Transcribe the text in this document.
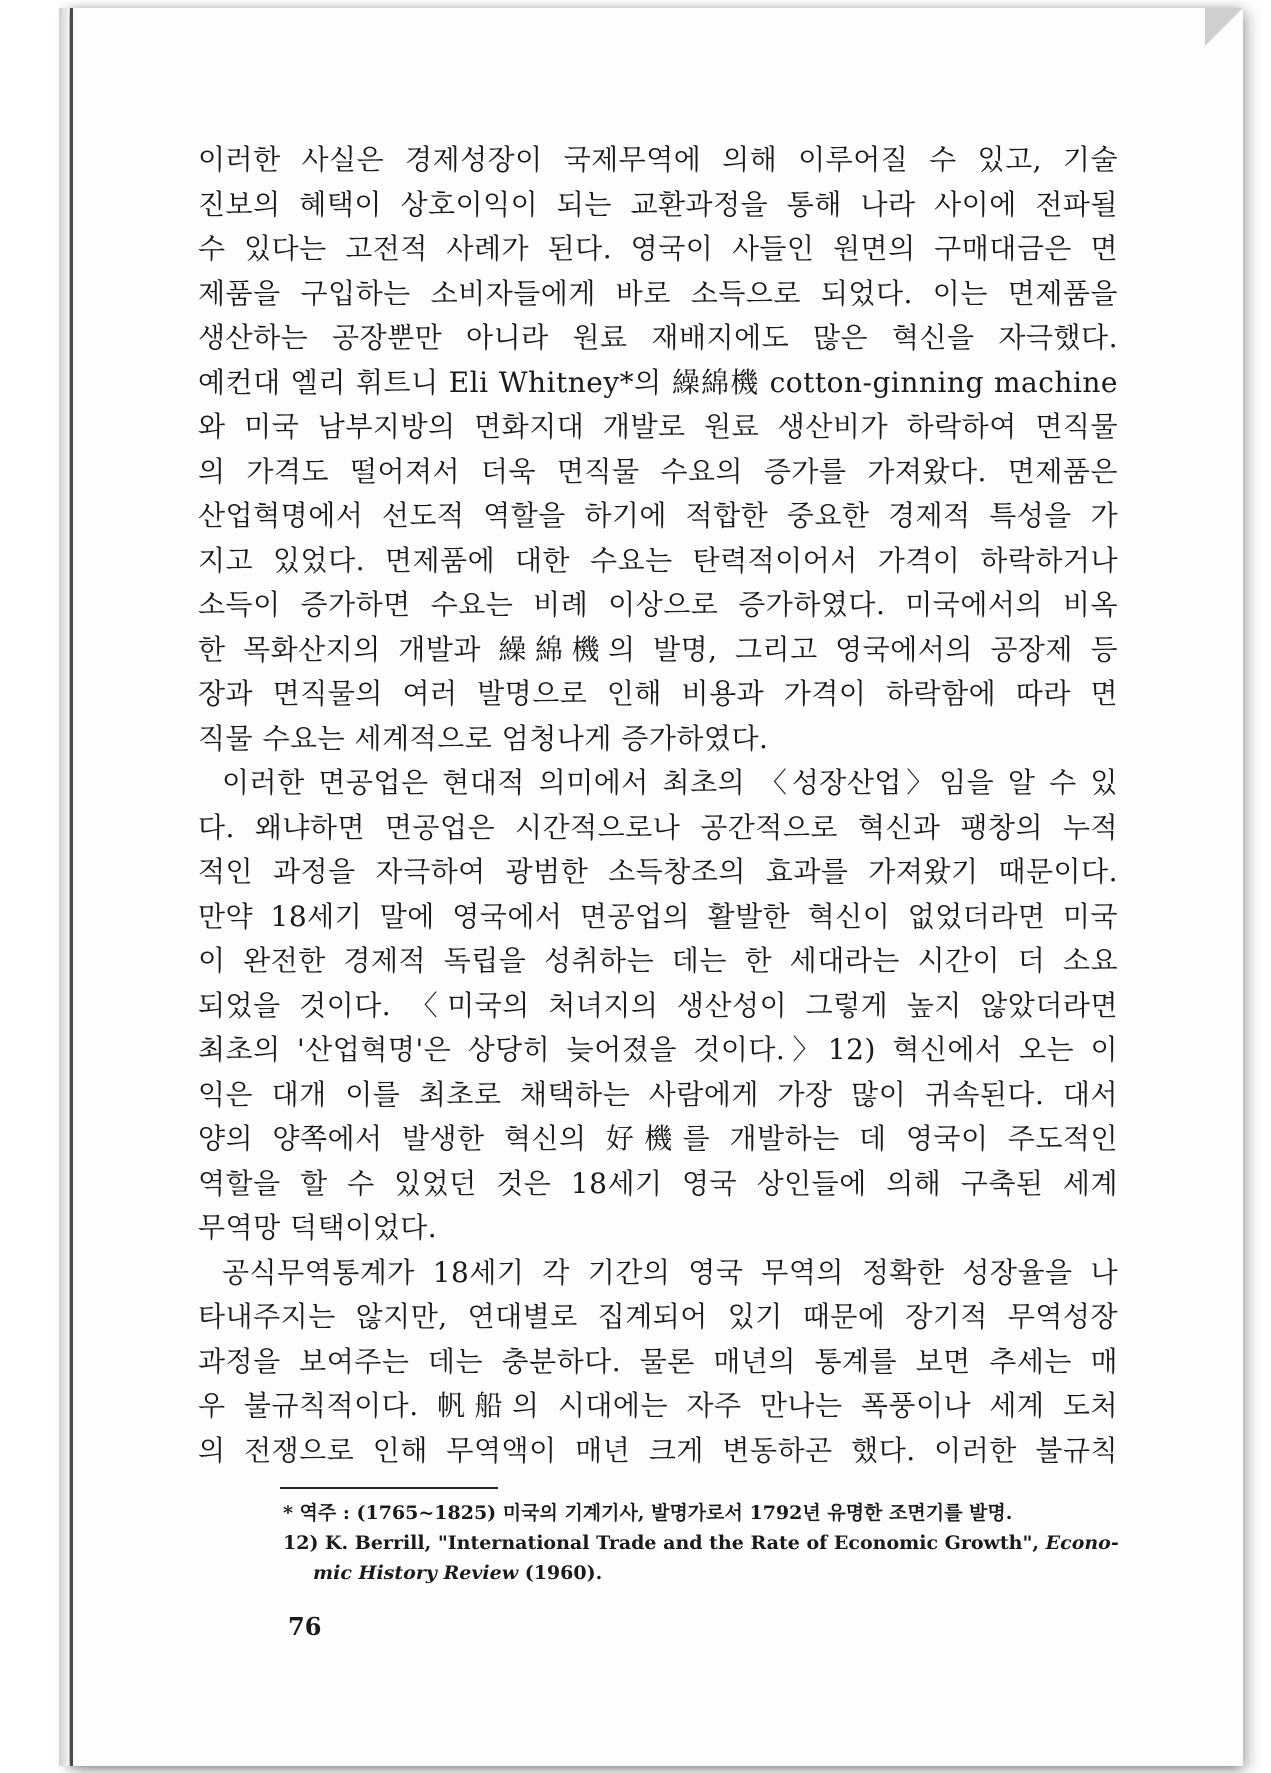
이러한 사실은 경제성장이 국제무역에 의해 이루어질 수 있고, 기술
진보의 혜택이 상호이익이 되는 교환과정을 통해 나라 사이에 전파될
수 있다는 고전적 사례가 된다. 영국이 사들인 원면의 구매대금은 면
제품을 구입하는 소비자들에게 바로 소득으로 되었다. 이는 면제품을
생산하는 공장뿐만 아니라 원료 재배지에도 많은 혁신을 자극했다.
예컨대 엘리 휘트니 Eli Whitney*의 繰綿機 cotton-ginning machine
와 미국 남부지방의 면화지대 개발로 원료 생산비가 하락하여 면직물
의 가격도 떨어져서 더욱 면직물 수요의 증가를 가져왔다. 면제품은
산업혁명에서 선도적 역할을 하기에 적합한 중요한 경제적 특성을 가
지고 있었다. 면제품에 대한 수요는 탄력적이어서 가격이 하락하거나
소득이 증가하면 수요는 비례 이상으로 증가하였다. 미국에서의 비옥
한 목화산지의 개발과 繰綿機의 발명, 그리고 영국에서의 공장제 등
장과 면직물의 여러 발명으로 인해 비용과 가격이 하락함에 따라 면
직물 수요는 세계적으로 엄청나게 증가하였다.
이러한 면공업은 현대적 의미에서 최초의 〈성장산업〉임을 알 수 있
다. 왜냐하면 면공업은 시간적으로나 공간적으로 혁신과 팽창의 누적
적인 과정을 자극하여 광범한 소득창조의 효과를 가져왔기 때문이다.
만약 18세기 말에 영국에서 면공업의 활발한 혁신이 없었더라면 미국
이 완전한 경제적 독립을 성취하는 데는 한 세대라는 시간이 더 소요
되었을 것이다. 〈미국의 처녀지의 생산성이 그렇게 높지 않았더라면
최초의 '산업혁명'은 상당히 늦어졌을 것이다.〉12) 혁신에서 오는 이
익은 대개 이를 최초로 채택하는 사람에게 가장 많이 귀속된다. 대서
양의 양쪽에서 발생한 혁신의 好機를 개발하는 데 영국이 주도적인
역할을 할 수 있었던 것은 18세기 영국 상인들에 의해 구축된 세계
무역망 덕택이었다.
공식무역통계가 18세기 각 기간의 영국 무역의 정확한 성장율을 나
타내주지는 않지만, 연대별로 집계되어 있기 때문에 장기적 무역성장
과정을 보여주는 데는 충분하다. 물론 매년의 통계를 보면 추세는 매
우 불규칙적이다. 帆船의 시대에는 자주 만나는 폭풍이나 세계 도처
의 전쟁으로 인해 무역액이 매년 크게 변동하곤 했다. 이러한 불규칙
* 역주 : (1765~1825) 미국의 기계기사, 발명가로서 1792년 유명한 조면기를 발명.
12) K. Berrill, "International Trade and the Rate of Economic Growth", Econo-
mic History Review (1960).
76
